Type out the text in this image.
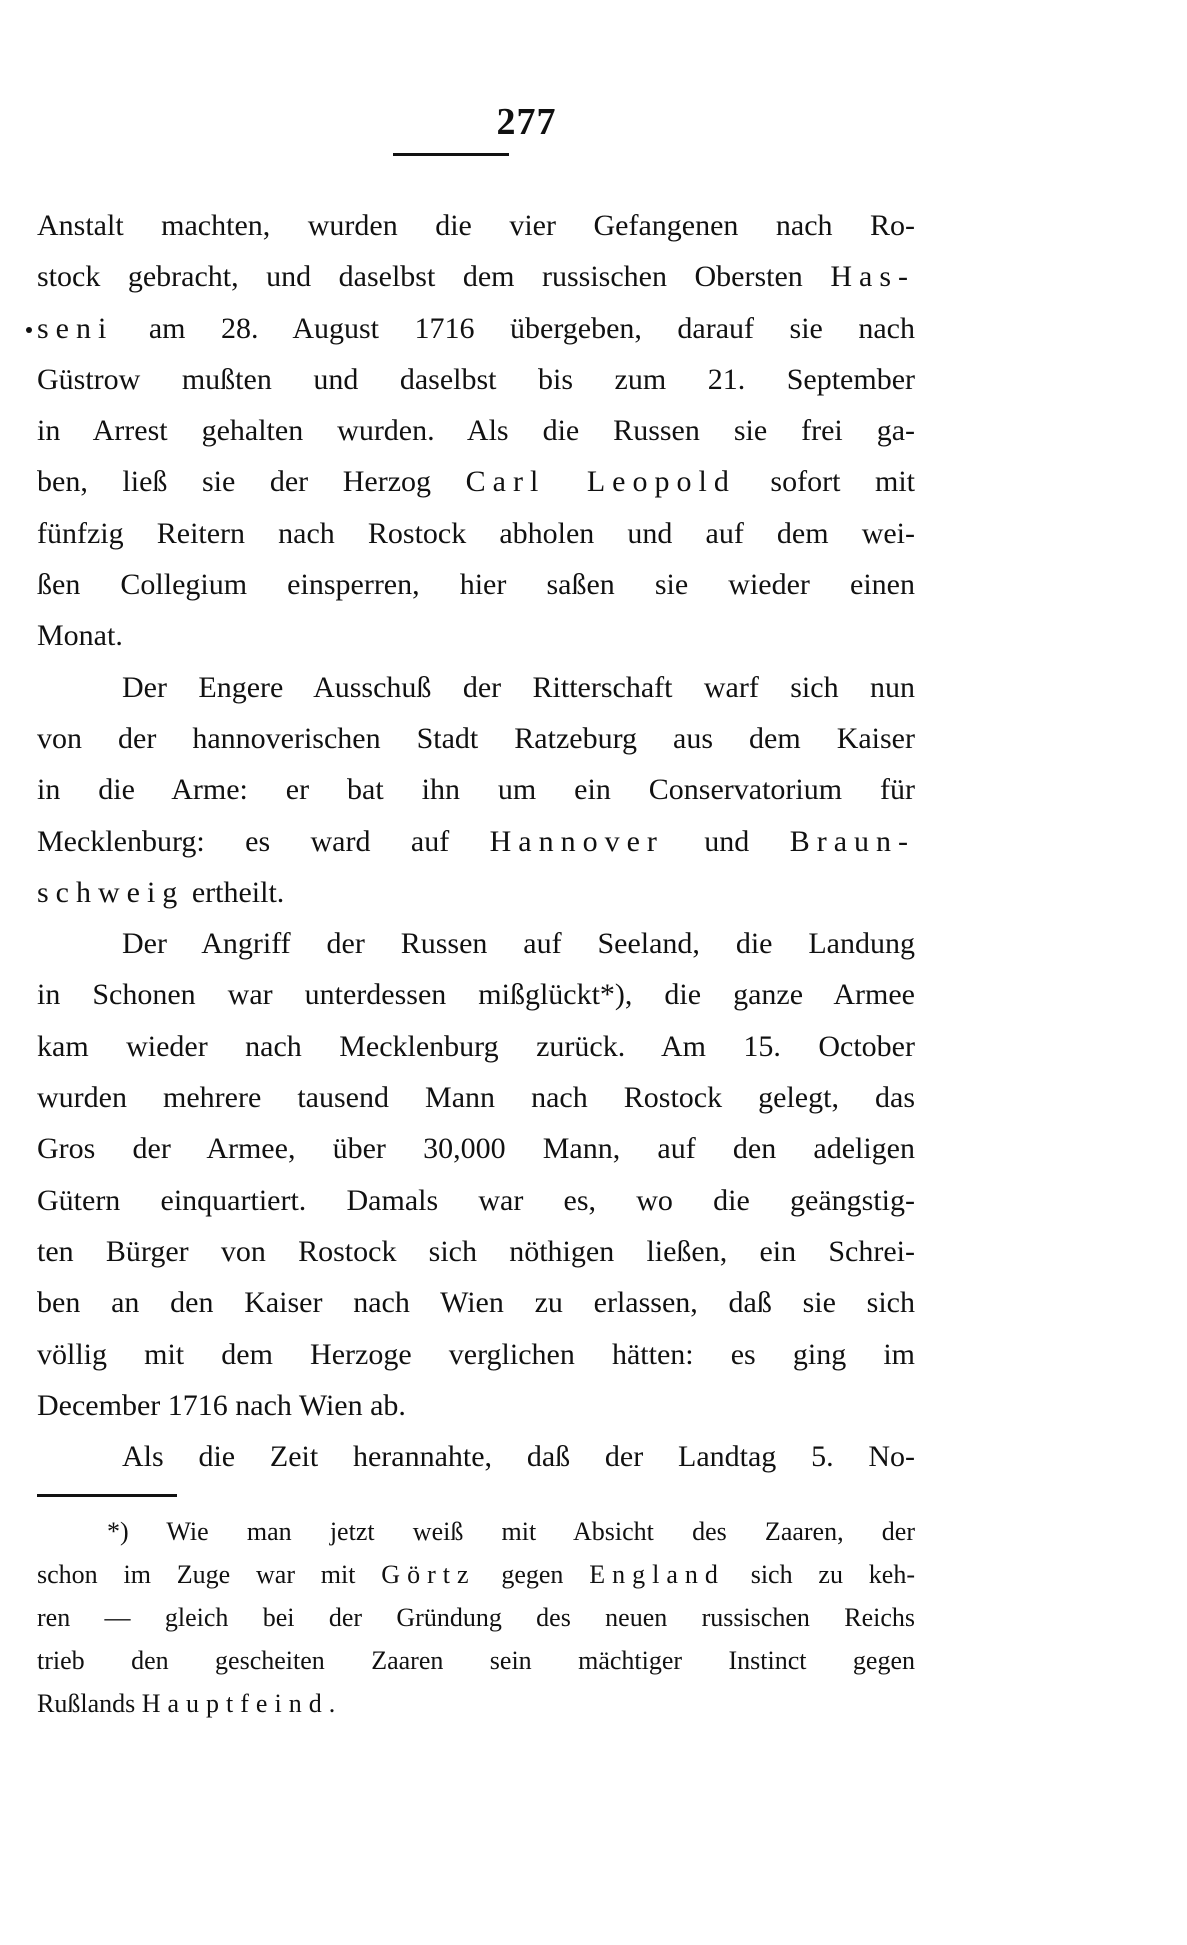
277
Anstalt machten, wurden die vier Gefangenen nach Ro-
stock gebracht, und daselbst dem russischen Obersten Has-
seni am 28. August 1716 übergeben, darauf sie nach
Güstrow mußten und daselbst bis zum 21. September
in Arrest gehalten wurden. Als die Russen sie frei ga-
ben, ließ sie der Herzog Carl Leopold sofort mit
fünfzig Reitern nach Rostock abholen und auf dem wei-
ßen Collegium einsperren, hier saßen sie wieder einen
Monat.
Der Engere Ausschuß der Ritterschaft warf sich nun
von der hannoverischen Stadt Ratzeburg aus dem Kaiser
in die Arme: er bat ihn um ein Conservatorium für
Mecklenburg: es ward auf Hannover und Braun-
schweig ertheilt.
Der Angriff der Russen auf Seeland, die Landung
in Schonen war unterdessen mißglückt*), die ganze Armee
kam wieder nach Mecklenburg zurück. Am 15. October
wurden mehrere tausend Mann nach Rostock gelegt, das
Gros der Armee, über 30,000 Mann, auf den adeligen
Gütern einquartiert. Damals war es, wo die geängstig-
ten Bürger von Rostock sich nöthigen ließen, ein Schrei-
ben an den Kaiser nach Wien zu erlassen, daß sie sich
völlig mit dem Herzoge verglichen hätten: es ging im
December 1716 nach Wien ab.
Als die Zeit herannahte, daß der Landtag 5. No-
*) Wie man jetzt weiß mit Absicht des Zaaren, der
schon im Zuge war mit Görtz gegen England sich zu keh-
ren — gleich bei der Gründung des neuen russischen Reichs
trieb den gescheiten Zaaren sein mächtiger Instinct gegen
Rußlands Hauptfeind.
